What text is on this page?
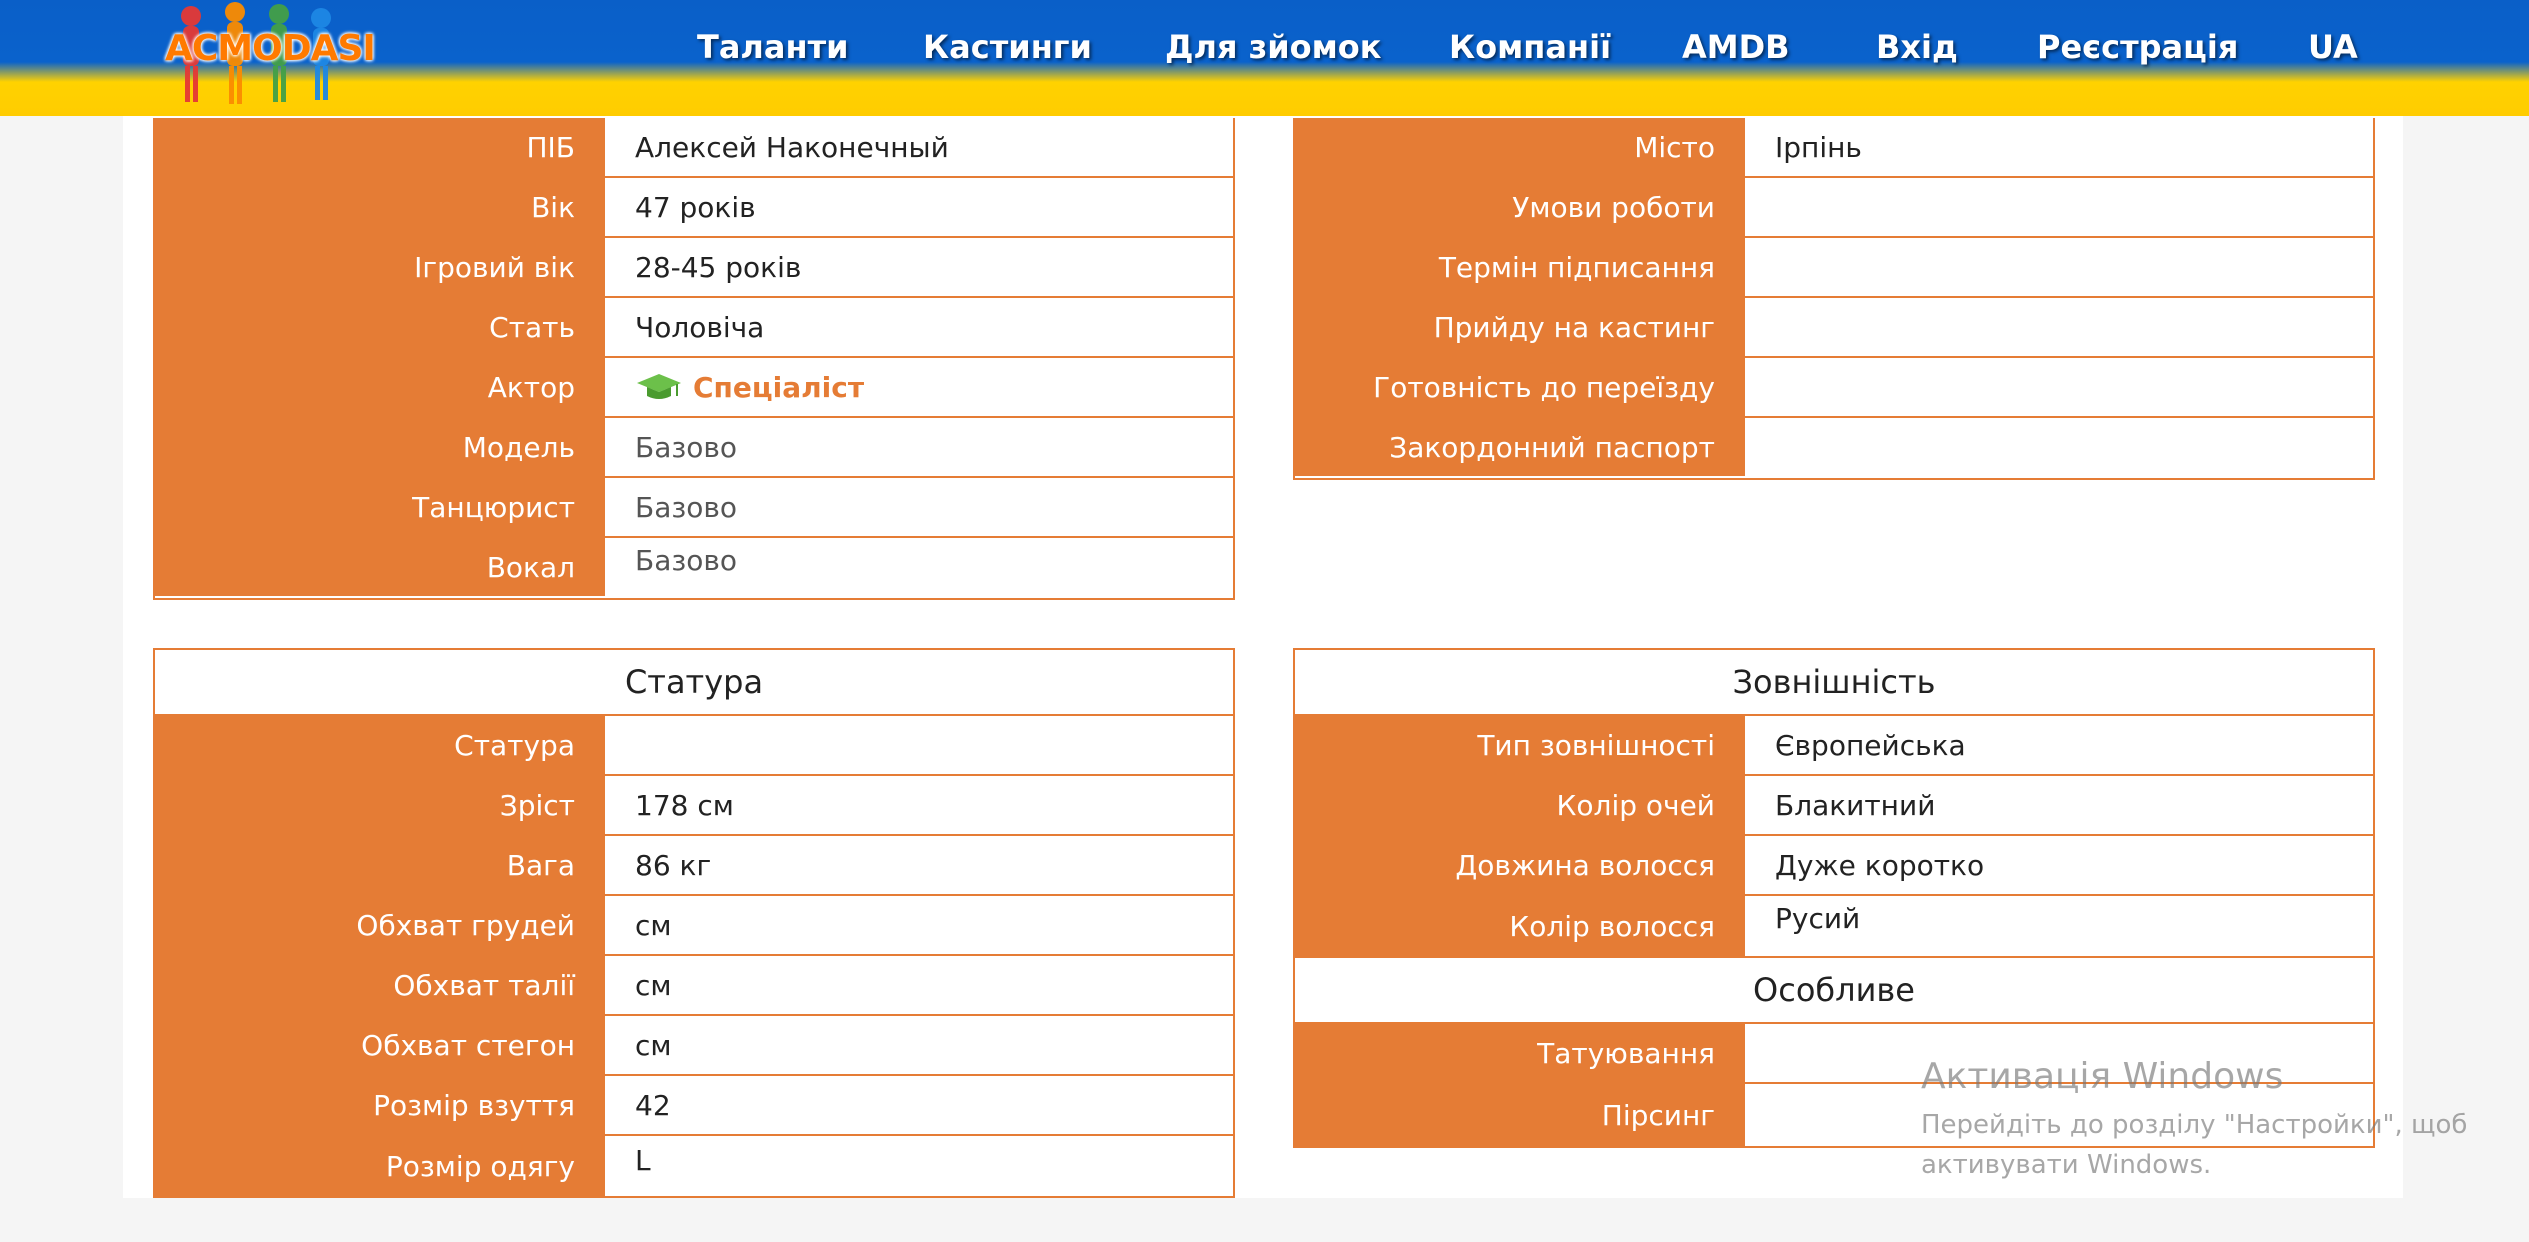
ACMODASI	Таланти Кастинги Для зйомок Компанії AMDB	Вхід Реєстрація UA
ПІБ	Алексей Наконечный
Вік	47 років
Ігровий вік	28-45 років
Стать	Чоловіча
Актор	Спеціаліст
Модель	Базово
Танцюрист	Базово
Вокал	Базово
Місто	Ірпінь
Умови роботи
Термін підписання
Прийду на кастинг
Готовність до переїзду
Закордонний паспорт
Статура
Статура
Зріст	178 см
Вага	86 кг
Обхват грудей	см
Обхват талії	см
Обхват стегон	см
Розмір взуття	42
Розмір одягу	L
Зовнішність
Тип зовнішності	Європейська
Колір очей	Блакитний
Довжина волосся	Дуже коротко
Колір волосся	Русий
Особливе
Татуювання
Пірсинг
Активація Windows
Перейдіть до розділу "Настройки", щоб активувати Windows.
